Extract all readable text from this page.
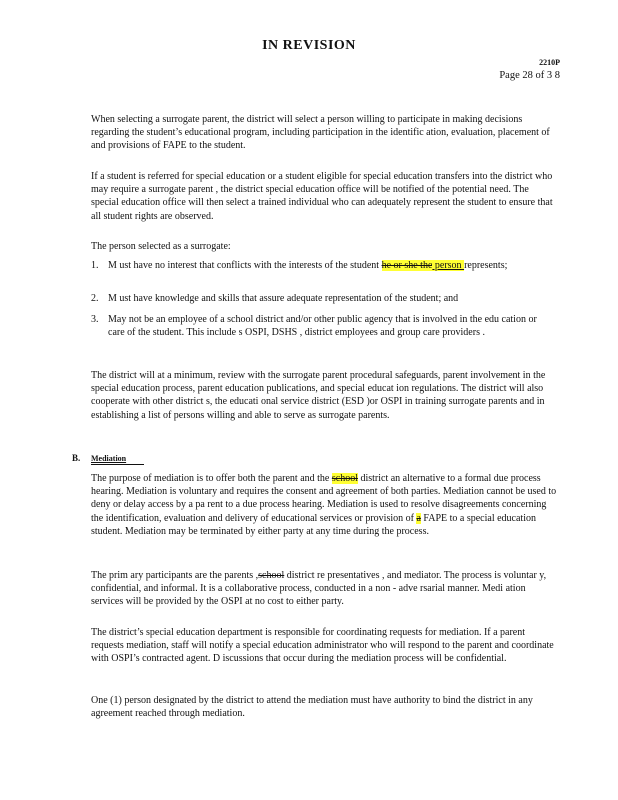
IN REVISION
2210P
Page 28 of 3 8
When selecting a surrogate parent, the district will select a person willing to participate in making decisions regarding the student’s educational program, including participation in the identific ation, evaluation, placement of and provisions of FAPE to the student.
If a student is referred for special education or a student eligible for special education transfers into the district who may require a surrogate parent , the district special education office will be notified of the potential need. The special education office will then select a trained individual who can adequately represent the student to ensure that all student rights are observed.
The person selected as a surrogate:
1. M ust have no interest that conflicts with the interests of the student he or she the person represents;
2. M ust have knowledge and skills that assure adequate representation of the student; and
3. May not be an employee of a school district and/or other public agency that is involved in the edu cation or care of the student. This include s OSPI, DSHS , district employees and group care providers .
The district will at a minimum, review with the surrogate parent procedural safeguards, parent involvement in the special education process, parent education publications, and special educat ion regulations. The district will also cooperate with other district s, the educati onal service district (ESD )or OSPI in training surrogate parents and in establishing a list of persons willing and able to serve as surrogate parents.
B. Mediation
The purpose of mediation is to offer both the parent and the school district an alternative to a formal due process hearing. Mediation is voluntary and requires the consent and agreement of both parties. Mediation cannot be used to deny or delay access by a pa rent to a due process hearing. Mediation is used to resolve disagreements concerning the identification, evaluation and delivery of educational services or provision of a FAPE to a special education student. Mediation may be terminated by either party at any time during the process.
The prim ary participants are the parents ,school district re presentatives , and mediator. The process is voluntar y, confidential, and informal. It is a collaborative process, conducted in a non - adve rsarial manner. Medi ation services will be provided by the OSPI at no cost to either party.
The district’s special education department is responsible for coordinating requests for mediation. If a parent requests mediation, staff will notify a special education administrator who will respond to the parent and coordinate with OSPI’s contracted agent. D iscussions that occur during the mediation process will be confidential.
One (1) person designated by the district to attend the mediation must have authority to bind the district in any agreement reached through mediation.
